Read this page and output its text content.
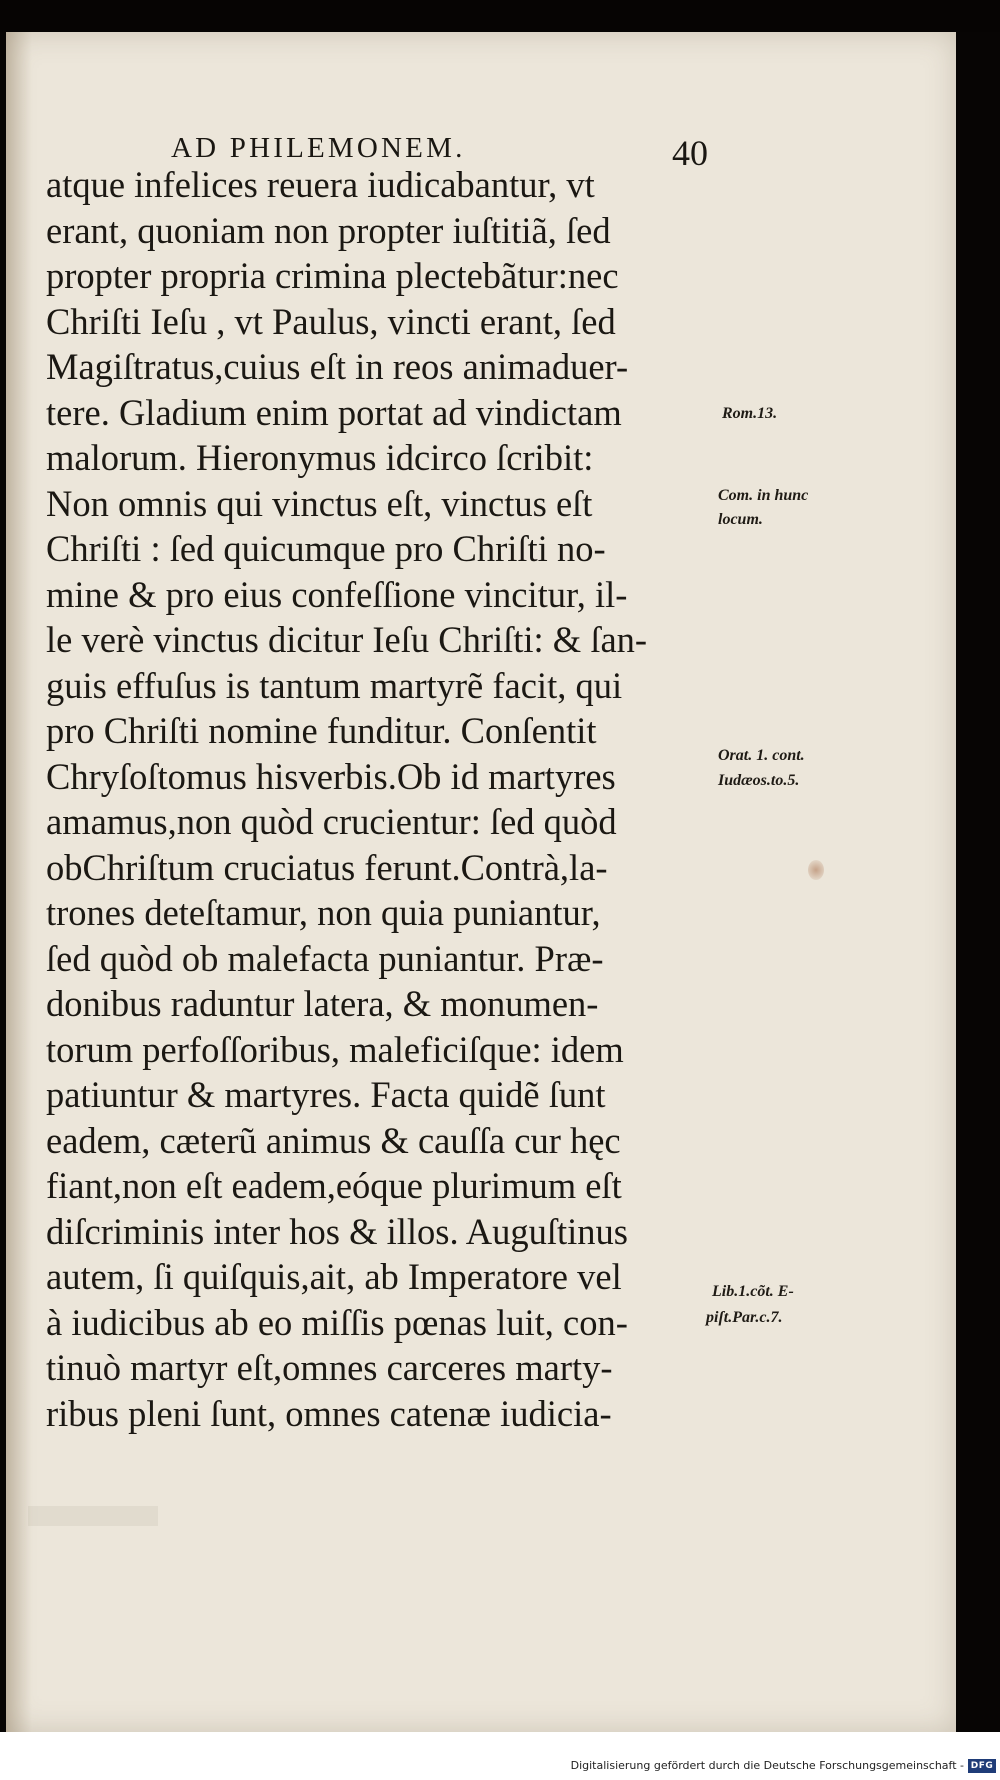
AD PHILEMONEM.	40
atque infelices reuera iudicabantur, vt
erant, quoniam non propter iuſtitiã, ſed
propter propria crimina plectebãtur:nec
Chriſti Ieſu , vt Paulus, vincti erant, ſed
Magiſtratus,cuius eſt in reos animaduer-
tere. Gladium enim portat ad vindictam
malorum. Hieronymus idcirco ſcribit:
Non omnis qui vinctus eſt, vinctus eſt
Chriſti : ſed quicumque pro Chriſti no-
mine & pro eius confeſſione vincitur, il-
le verè vinctus dicitur Ieſu Chriſti: & ſan-
guis effuſus is tantum martyrẽ facit, qui
pro Chriſti nomine funditur. Conſentit
Chryſoſtomus hisverbis.Ob id martyres
amamus,non quòd crucientur: ſed quòd
obChriſtum cruciatus ferunt.Contrà,la-
trones deteſtamur, non quia puniantur,
ſed quòd ob malefacta puniantur. Præ-
donibus raduntur latera, & monumen-
torum perfoſſoribus, maleficiſque: idem
patiuntur & martyres. Facta quidẽ ſunt
eadem, cæterũ animus & cauſſa cur hęc
fiant,non eſt eadem,eóque plurimum eſt
diſcriminis inter hos & illos. Auguſtinus
autem, ſi quiſquis,ait, ab Imperatore vel
à iudicibus ab eo miſſis pœnas luit, con-
tinuò martyr eſt,omnes carceres marty-
ribus pleni ſunt, omnes catenæ iudicia-
Rom.13.
Com. in hunc
locum.
Orat. 1. cont.
Iudæos.to.5.
Lib.1.cõt. E-
piſt.Par.c.7.
Digitalisierung gefördert durch die Deutsche Forschungsgemeinschaft - DFG
